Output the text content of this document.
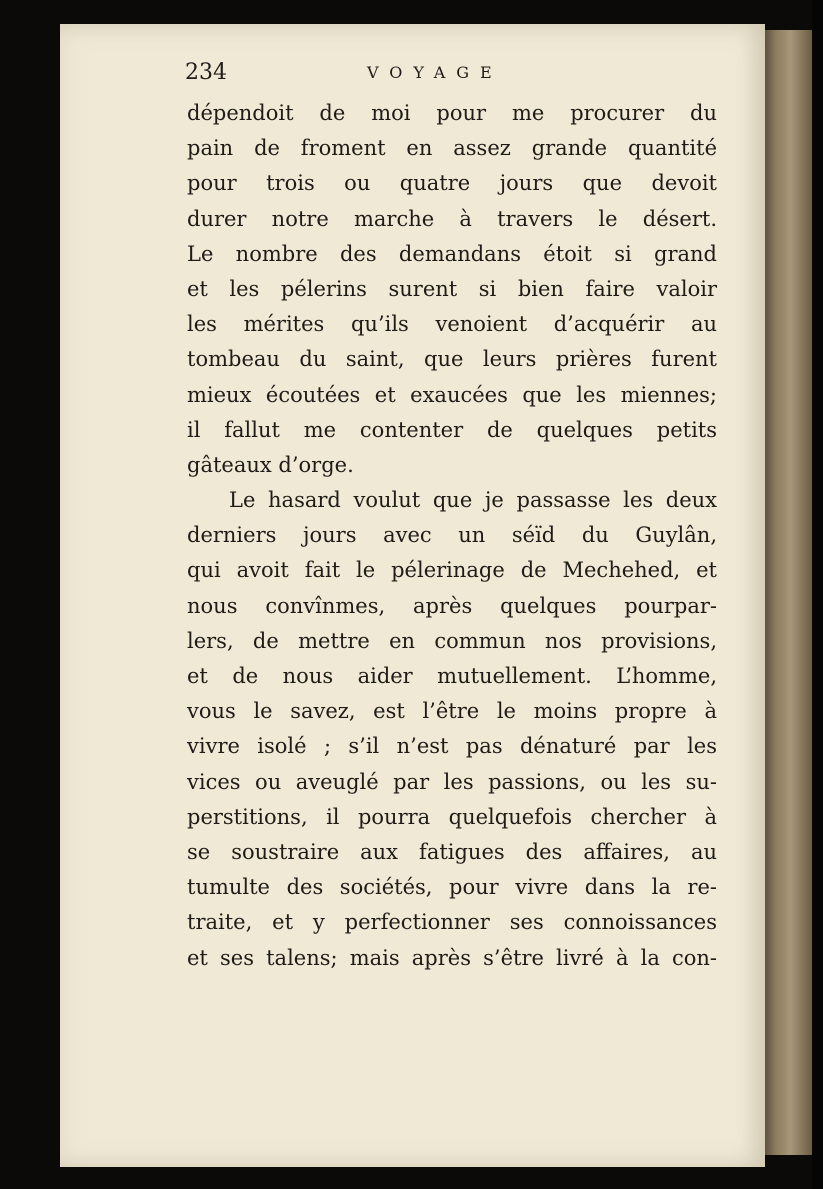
234	VOYAGE
dépendoit de moi pour me procurer du
pain de froment en assez grande quantité
pour trois ou quatre jours que devoit
durer notre marche à travers le désert.
Le nombre des demandans étoit si grand
et les pélerins surent si bien faire valoir
les mérites qu’ils venoient d’acquérir au
tombeau du saint, que leurs prières furent
mieux écoutées et exaucées que les miennes;
il fallut me contenter de quelques petits
gâteaux d’orge.
Le hasard voulut que je passasse les deux
derniers jours avec un séïd du Guylân,
qui avoit fait le pélerinage de Mechehed, et
nous convînmes, après quelques pourpar-
lers, de mettre en commun nos provisions,
et de nous aider mutuellement. L’homme,
vous le savez, est l’être le moins propre à
vivre isolé ; s’il n’est pas dénaturé par les
vices ou aveuglé par les passions, ou les su-
perstitions, il pourra quelquefois chercher à
se soustraire aux fatigues des affaires, au
tumulte des sociétés, pour vivre dans la re-
traite, et y perfectionner ses connoissances
et ses talens; mais après s’être livré à la con-
